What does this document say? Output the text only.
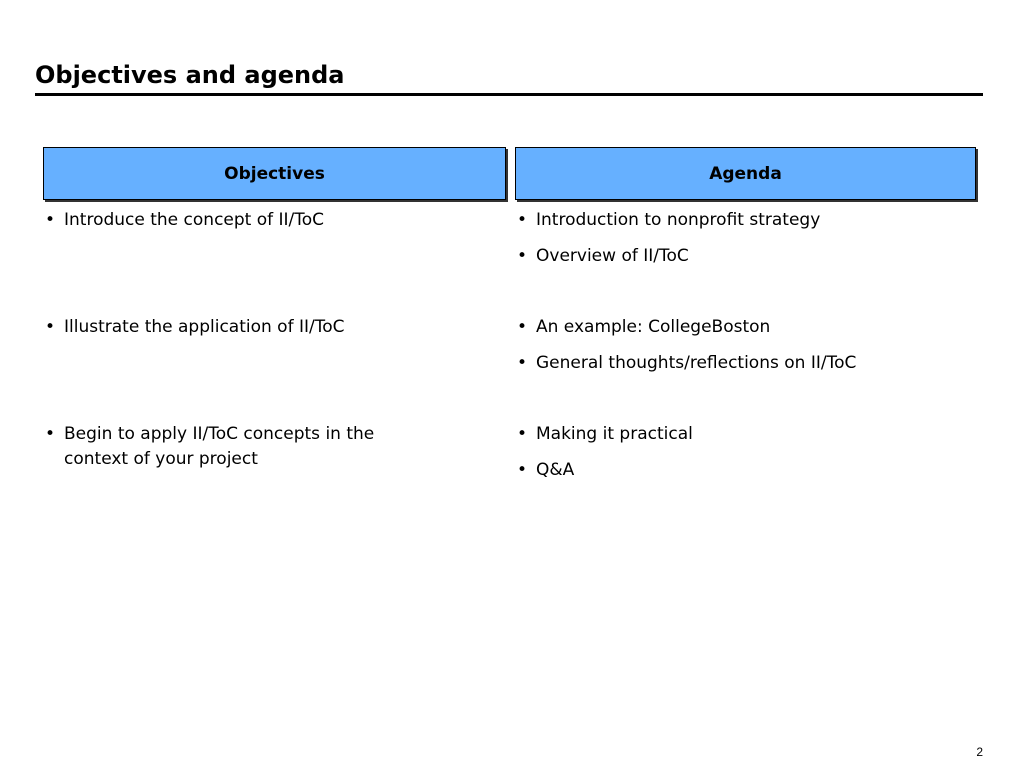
Objectives and agenda
Objectives	Agenda
• Introduce the concept of II/ToC
• Illustrate the application of II/ToC
• Begin to apply II/ToC concepts in the
context of your project
• Introduction to nonprofit strategy
• Overview of II/ToC
• An example: CollegeBoston
• General thoughts/reflections on II/ToC
• Making it practical
• Q&A
2
